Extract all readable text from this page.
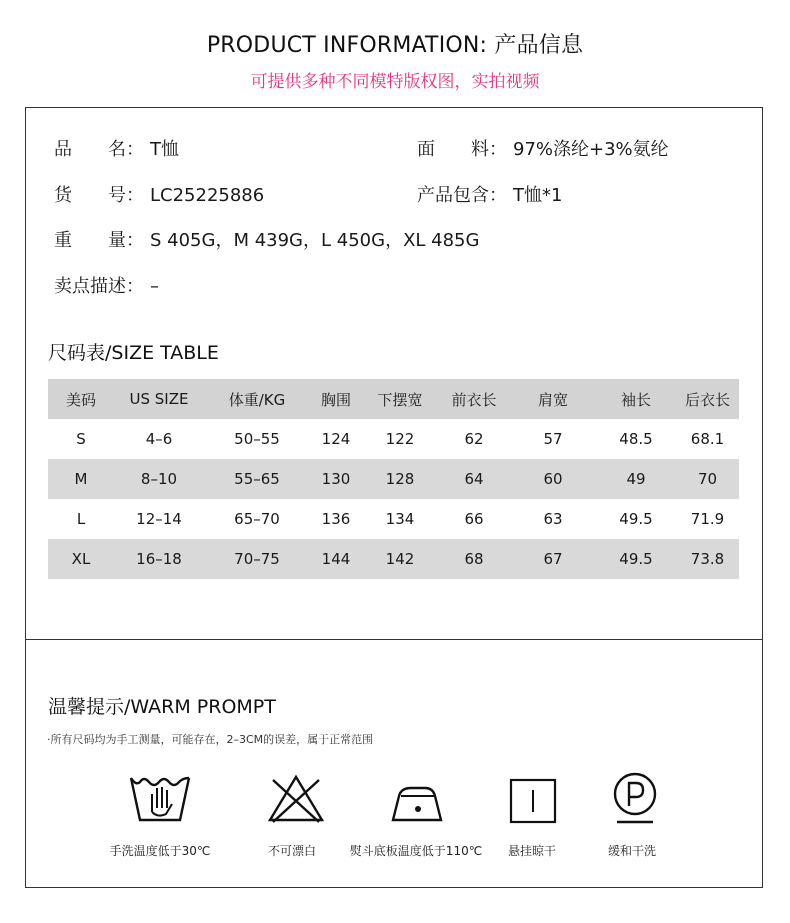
PRODUCT INFORMATION: 产品信息
可提供多种不同模特版权图，实拍视频
品　　名： T恤	面　　料： 97%涤纶+3%氨纶
货　　号： LC25225886	产品包含： T恤*1
重　　量： S 405G，M 439G，L 450G，XL 485G
卖点描述： –
尺码表/SIZE TABLE
美码	US SIZE	体重/KG	胸围	下摆宽	前衣长	肩宽	袖长	后衣长
S	4–6	50–55	124	122	62	57	48.5	68.1
M	8–10	55–65	130	128	64	60	49	70
L	12–14	65–70	136	134	66	63	49.5	71.9
XL	16–18	70–75	144	142	68	67	49.5	73.8
温馨提示/WARM PROMPT
·所有尺码均为手工测量，可能存在，2–3CM的误差，属于正常范围
手洗温度低于30℃	不可漂白	熨斗底板温度低于110℃ 悬挂晾干	缓和干洗
